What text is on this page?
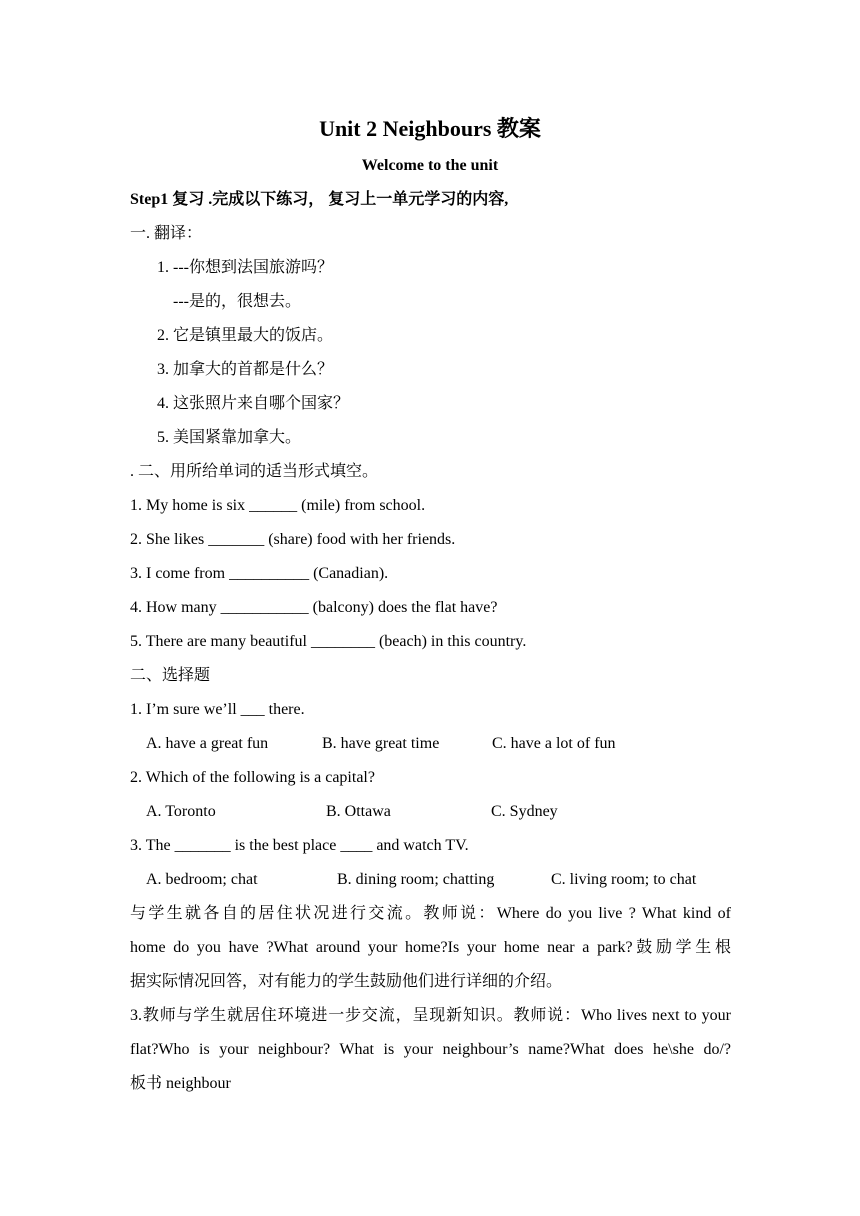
Unit 2 Neighbours 教案
Welcome to the unit
Step1 复习 .完成以下练习， 复习上一单元学习的内容,
一. 翻译：
1. ---你想到法国旅游吗？
---是的，很想去。
2. 它是镇里最大的饭店。
3. 加拿大的首都是什么？
4. 这张照片来自哪个国家？
5. 美国紧靠加拿大。
. 二、用所给单词的适当形式填空。
1. My home is six ______ (mile) from school.
2. She likes _______ (share) food with her friends.
3. I come from __________ (Canadian).
4. How many ___________ (balcony) does the flat have?
5. There are many beautiful ________ (beach) in this country.
二、选择题
1. I’m sure we’ll ___ there.
A. have a great fun	B. have great time	C. have a lot of fun
2. Which of the following is a capital?
A. Toronto	B. Ottawa	C. Sydney
3. The _______ is the best place ____ and watch TV.
A. bedroom; chat	B. dining room; chatting	C. living room; to chat
与学生就各自的居住状况进行交流。教师说：Where do you live ? What kind of
home do you have ?What around your home?Is your home near a park?鼓励学生根
据实际情况回答，对有能力的学生鼓励他们进行详细的介绍。
3.教师与学生就居住环境进一步交流，呈现新知识。教师说：Who lives next to your
flat?Who is your neighbour? What is your neighbour’s name?What does he\she do/?
板书 neighbour
